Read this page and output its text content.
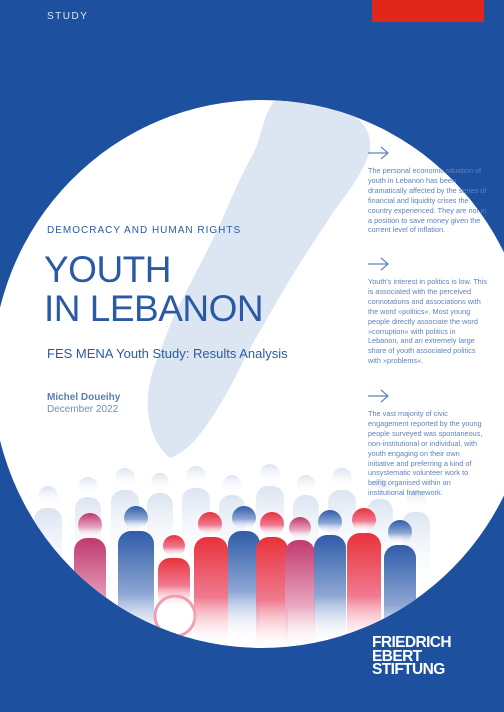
STUDY
DEMOCRACY AND HUMAN RIGHTS
YOUTH
IN LEBANON
FES MENA Youth Study: Results Analysis
Michel Doueihy
December 2022
The personal economic situation of youth in Lebanon has been dramatically affected by the series of financial and liquidity crises the country experienced. They are not in a position to save money given the current level of inflation.
Youth's interest in politics is low. This is associated with the perceived connotations and associations with the word »politics«. Most young people directly associate the word »corruption« with politics in Lebanon, and an extremely large share of youth associated politics with »problems«.
The vast majority of civic engagement reported by the young people surveyed was spontaneous, non-institutional or individual, with youth engaging on their own initiative and preferring a kind of unsystematic volunteer work to being organised within an institutional framework.
FRIEDRICH
EBERT
STIFTUNG
